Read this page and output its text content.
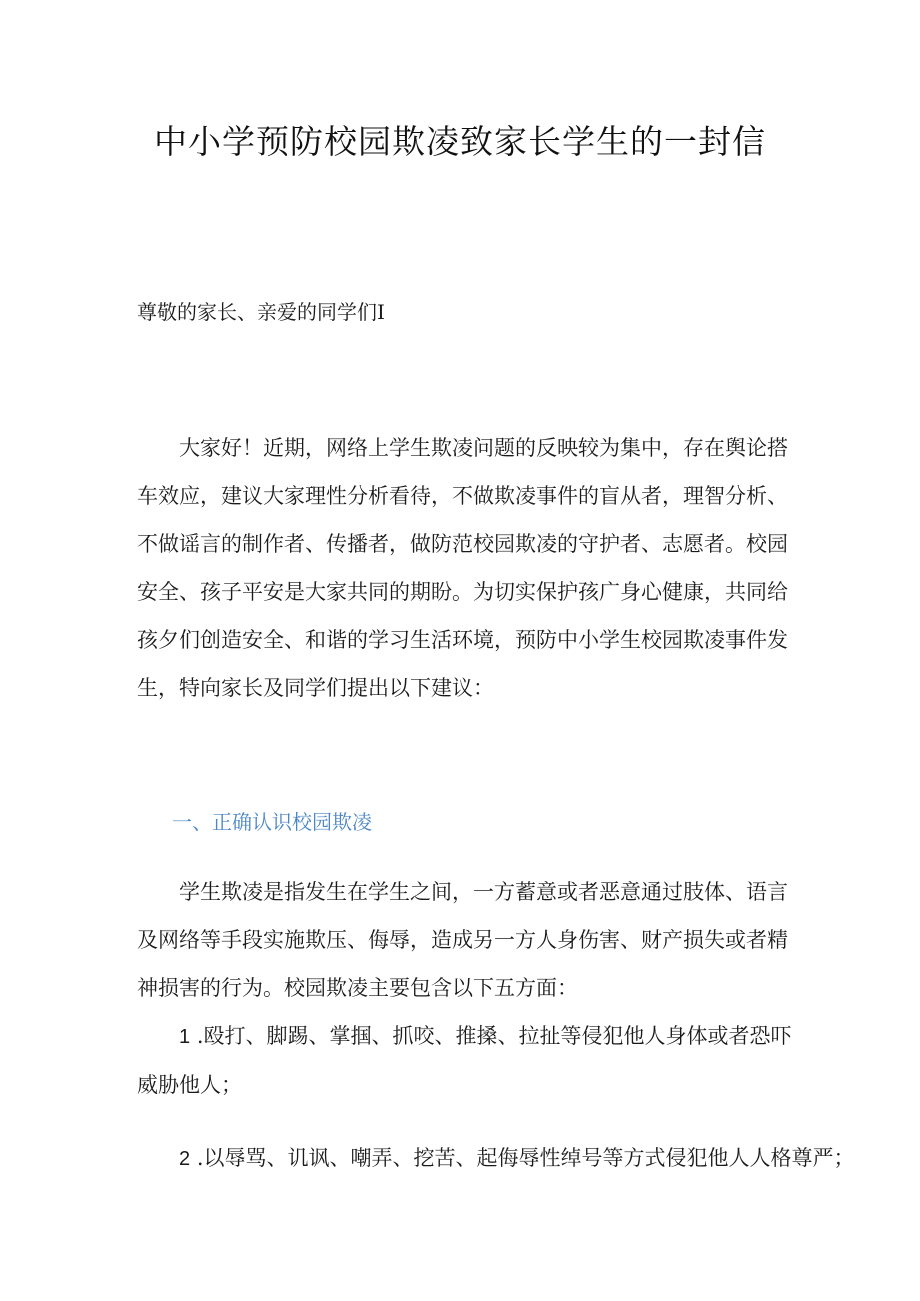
中小学预防校园欺凌致家长学生的一封信
尊敬的家长、亲爱的同学们I

大家好！近期，网络上学生欺凌问题的反映较为集中，存在舆论搭车效应，建议大家理性分析看待，不做欺凌事件的盲从者，理智分析、不做谣言的制作者、传播者，做防范校园欺凌的守护者、志愿者。校园安全、孩子平安是大家共同的期盼。为切实保护孩广身心健康，共同给孩夕们创造安全、和谐的学习生活环境，预防中小学生校园欺凌事件发生，特向家长及同学们提出以下建议：

一、正确认识校园欺凌

学生欺凌是指发生在学生之间，一方蓄意或者恶意通过肢体、语言及网络等手段实施欺压、侮辱，造成另一方人身伤害、财产损失或者精神损害的行为。校园欺凌主要包含以下五方面：

1 .殴打、脚踢、掌掴、抓咬、推搡、拉扯等侵犯他人身体或者恐吓威胁他人；

2 .以辱骂、讥讽、嘲弄、挖苦、起侮辱性绰号等方式侵犯他人人格尊严；
